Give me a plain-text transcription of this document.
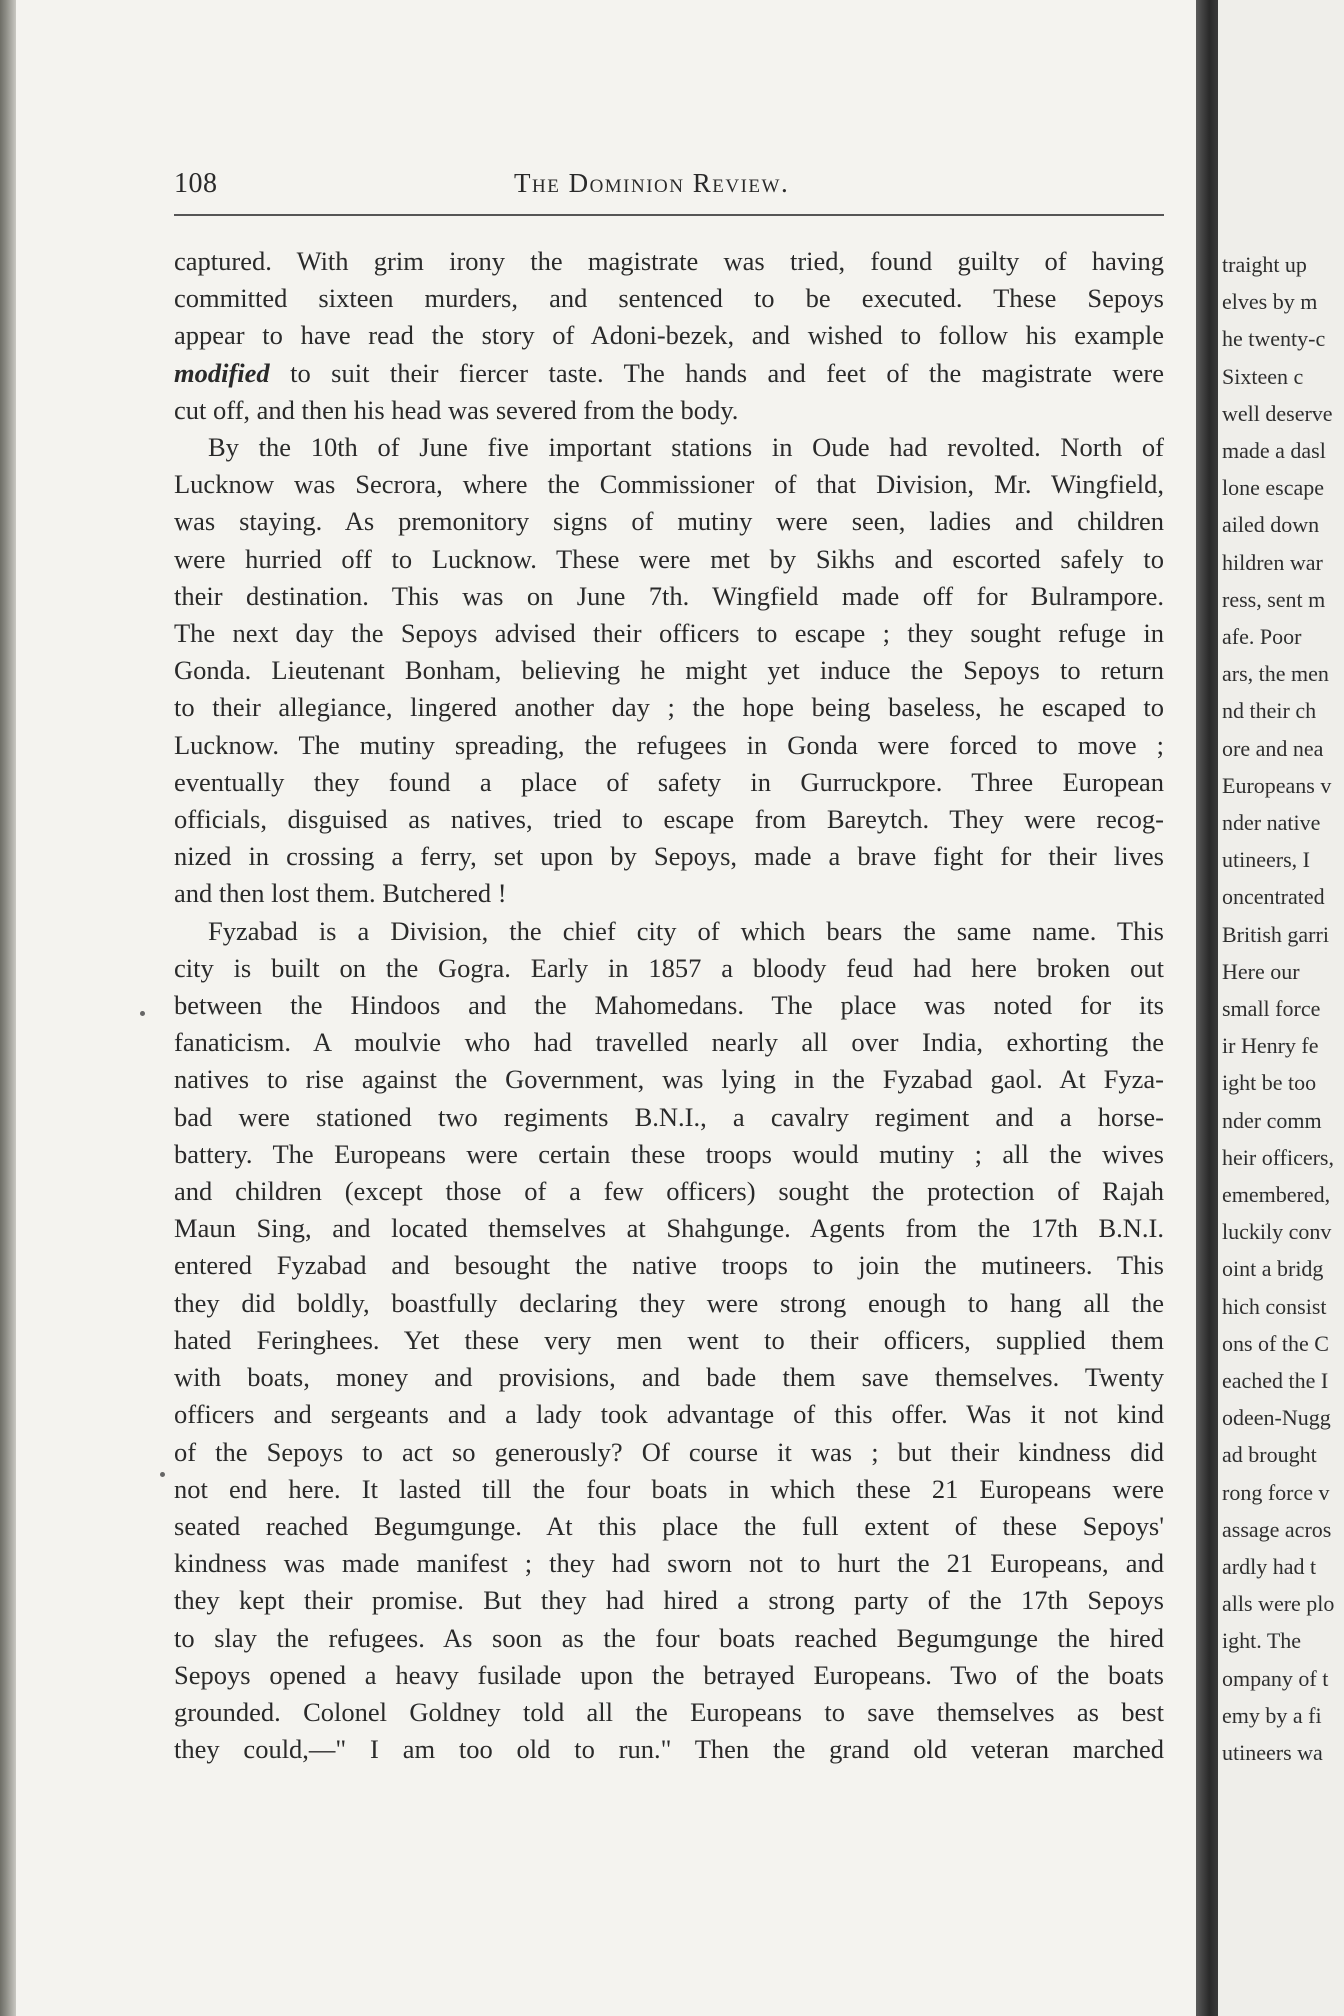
108	The Dominion Review.
captured. With grim irony the magistrate was tried, found guilty of having
committed sixteen murders, and sentenced to be executed. These Sepoys
appear to have read the story of Adoni-bezek, and wished to follow his example
modified to suit their fiercer taste. The hands and feet of the magistrate were
cut off, and then his head was severed from the body.
By the 10th of June five important stations in Oude had revolted. North of
Lucknow was Secrora, where the Commissioner of that Division, Mr. Wingfield,
was staying. As premonitory signs of mutiny were seen, ladies and children
were hurried off to Lucknow. These were met by Sikhs and escorted safely to
their destination. This was on June 7th. Wingfield made off for Bulrampore.
The next day the Sepoys advised their officers to escape ; they sought refuge in
Gonda. Lieutenant Bonham, believing he might yet induce the Sepoys to return
to their allegiance, lingered another day ; the hope being baseless, he escaped to
Lucknow. The mutiny spreading, the refugees in Gonda were forced to move ;
eventually they found a place of safety in Gurruckpore. Three European
officials, disguised as natives, tried to escape from Bareytch. They were recog-
nized in crossing a ferry, set upon by Sepoys, made a brave fight for their lives
and then lost them. Butchered !
Fyzabad is a Division, the chief city of which bears the same name. This
city is built on the Gogra. Early in 1857 a bloody feud had here broken out
between the Hindoos and the Mahomedans. The place was noted for its
fanaticism. A moulvie who had travelled nearly all over India, exhorting the
natives to rise against the Government, was lying in the Fyzabad gaol. At Fyza-
bad were stationed two regiments B.N.I., a cavalry regiment and a horse-
battery. The Europeans were certain these troops would mutiny ; all the wives
and children (except those of a few officers) sought the protection of Rajah
Maun Sing, and located themselves at Shahgunge. Agents from the 17th B.N.I.
entered Fyzabad and besought the native troops to join the mutineers. This
they did boldly, boastfully declaring they were strong enough to hang all the
hated Feringhees. Yet these very men went to their officers, supplied them
with boats, money and provisions, and bade them save themselves. Twenty
officers and sergeants and a lady took advantage of this offer. Was it not kind
of the Sepoys to act so generously? Of course it was ; but their kindness did
not end here. It lasted till the four boats in which these 21 Europeans were
seated reached Begumgunge. At this place the full extent of these Sepoys'
kindness was made manifest ; they had sworn not to hurt the 21 Europeans, and
they kept their promise. But they had hired a strong party of the 17th Sepoys
to slay the refugees. As soon as the four boats reached Begumgunge the hired
Sepoys opened a heavy fusilade upon the betrayed Europeans. Two of the boats
grounded. Colonel Goldney told all the Europeans to save themselves as best
they could,—" I am too old to run." Then the grand old veteran marched
traight up
elves by m
he twenty-c
Sixteen c
well deserve
made a dasl
lone escape
ailed down
hildren war
ress, sent m
afe. Poor
ars, the men
nd their ch
ore and nea
Europeans v
nder native
utineers, I
oncentrated
British garri
Here our
small force
ir Henry fe
ight be too
nder comm
heir officers,
emembered,
luckily conv
oint a bridg
hich consist
ons of the C
eached the I
odeen-Nugg
ad brought
rong force v
assage acros
ardly had t
alls were plo
ight. The
ompany of t
emy by a fi
utineers wa
